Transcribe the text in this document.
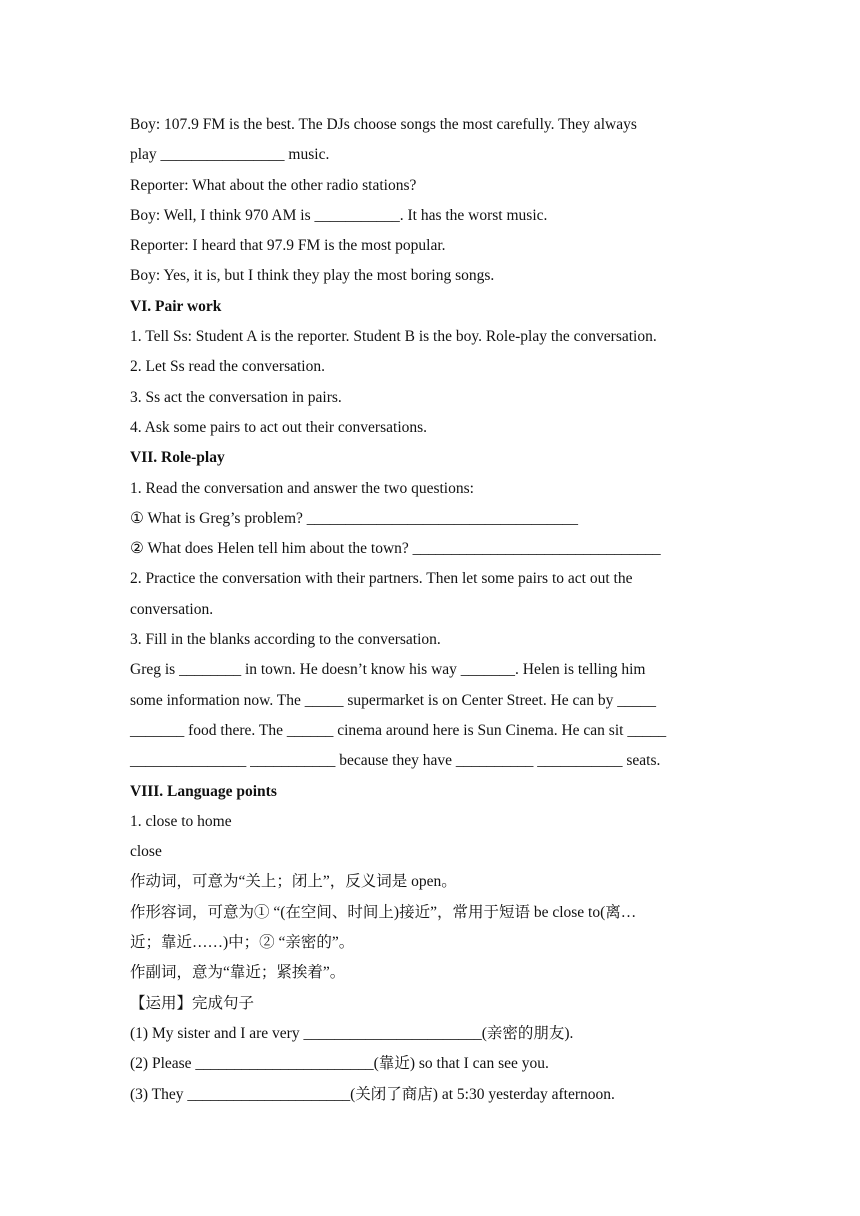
Boy: 107.9 FM is the best. The DJs choose songs the most carefully. They always
play ________________ music.
Reporter: What about the other radio stations?
Boy: Well, I think 970 AM is ___________. It has the worst music.
Reporter: I heard that 97.9 FM is the most popular.
Boy: Yes, it is, but I think they play the most boring songs.
VI. Pair work
1. Tell Ss: Student A is the reporter. Student B is the boy. Role-play the conversation.
2. Let Ss read the conversation.
3. Ss act the conversation in pairs.
4. Ask some pairs to act out their conversations.
VII. Role-play
1. Read the conversation and answer the two questions:
① What is Greg’s problem? ___________________________________
② What does Helen tell him about the town? ________________________________
2. Practice the conversation with their partners. Then let some pairs to act out the
conversation.
3. Fill in the blanks according to the conversation.
Greg is ________ in town. He doesn’t know his way _______. Helen is telling him
some information now. The _____ supermarket is on Center Street. He can by _____
_______ food there. The ______ cinema around here is Sun Cinema. He can sit _____
_______________ ___________ because they have __________ ___________ seats.
VIII. Language points
1. close to home
close
作动词，可意为“关上；闭上”，反义词是 open。
作形容词，可意为① “(在空间、时间上)接近”，常用于短语 be close to(离…
近；靠近……)中；② “亲密的”。
作副词，意为“靠近；紧挨着”。
【运用】完成句子
(1) My sister and I are very _______________________(亲密的朋友).
(2) Please _______________________(靠近) so that I can see you.
(3) They _____________________(关闭了商店) at 5:30 yesterday afternoon.
